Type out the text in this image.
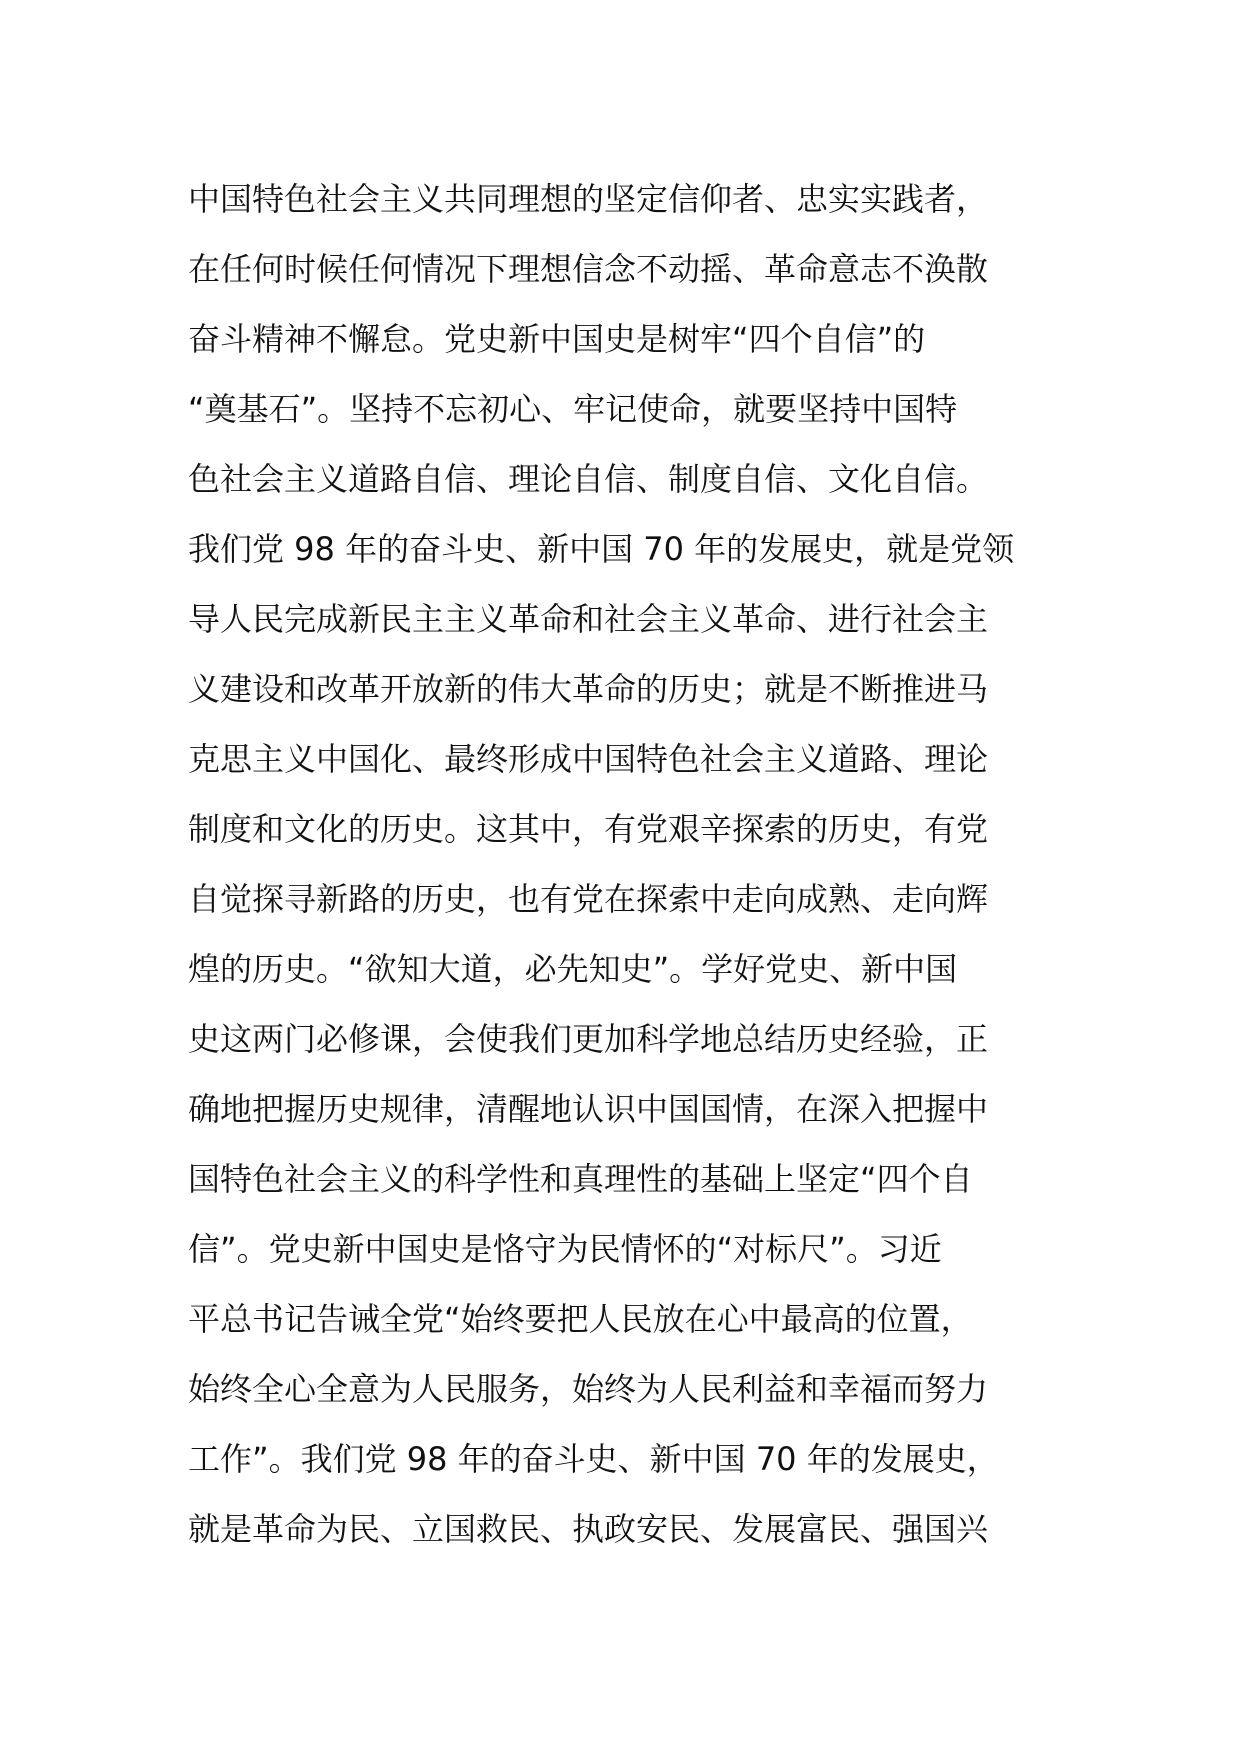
中国特色社会主义共同理想的坚定信仰者、忠实实践者，
在任何时候任何情况下理想信念不动摇、革命意志不涣散
奋斗精神不懈怠。党史新中国史是树牢“四个自信”的
“奠基石”。坚持不忘初心、牢记使命，就要坚持中国特
色社会主义道路自信、理论自信、制度自信、文化自信。
我们党 98 年的奋斗史、新中国 70 年的发展史，就是党领
导人民完成新民主主义革命和社会主义革命、进行社会主
义建设和改革开放新的伟大革命的历史；就是不断推进马
克思主义中国化、最终形成中国特色社会主义道路、理论
制度和文化的历史。这其中，有党艰辛探索的历史，有党
自觉探寻新路的历史，也有党在探索中走向成熟、走向辉
煌的历史。“欲知大道，必先知史”。学好党史、新中国
史这两门必修课，会使我们更加科学地总结历史经验，正
确地把握历史规律，清醒地认识中国国情，在深入把握中
国特色社会主义的科学性和真理性的基础上坚定“四个自
信”。党史新中国史是恪守为民情怀的“对标尺”。习近
平总书记告诫全党“始终要把人民放在心中最高的位置，
始终全心全意为人民服务，始终为人民利益和幸福而努力
工作”。我们党 98 年的奋斗史、新中国 70 年的发展史，
就是革命为民、立国救民、执政安民、发展富民、强国兴
